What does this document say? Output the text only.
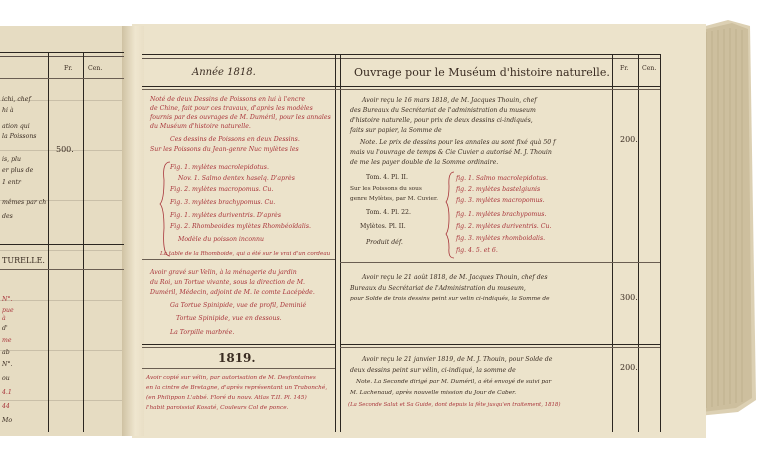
Fr. Cen.
ichi, chef
hi à
ation qui
la Poissons
is, plu
er plus de
1 entr
mêmes par ch
des
500.
TURELLE.
N°.
pue
à
d'
me
ab
N°.
ou
4.1
44
Mo
Année 1818.	Ouvrage pour le Muséum d'histoire naturelle. Fr. Cen.
Noté de deux Dessins de Poissons en lui à l'encre
de Chine, fait pour ces travaux, d'après les modèles
fournis par des ouvrages de M. Duméril, pour les annales
du Muséum d'histoire naturelle.
Ces dessins de Poissons en deux Dessins.
Sur les Poissons du Jean-genre Nuc mylètes les
Fig. 1. mylètes macrolepidotus.
Nov. 1. Salmo dentex haselq. D'après
Fig. 2. mylètes macropomus. Cu.
Fig. 3. mylètes brachypomus. Cu.
Fig. 1. mylètes duriventris. D'après
Fig. 2. Rhombeoides mylètes Rhombéoïdalis.
Modèle du poisson inconnu
La table de la Rhomboide, qui a été sur le vrai d'un cordeau
Avoir gravé sur Velin, à la ménagerie du jardin
du Roi, un Tortue vivante, sous la direction de M.
Duméril, Médecin, adjoint de M. le comte Lacépède.
Ga Tortue Spinipide, vue de profil, Deminié
Tortue Spinipide, vue en dessous.
La Torpille marbrée.
1819.
Avoir copié sur vélin, par autorisation de M. Desfontaines
en la cintre de Bretagne, d'après représentant un Trabonché,
(en Philippon L'abbé. Floré du nouv. Atlas T.II. Pl. 145)
l'habit paroissial Kosaté, Couleurs Col de ponce.
Avoir reçu le 16 mars 1818, de M. Jacques Thouin, chef
des Bureaux du Secrétariat de l'administration du museum
d'histoire naturelle, pour prix de deux dessins ci-indiqués,
faits sur papier, la Somme de
Note. Le prix de dessins pour les annales au sont fixé quà 50 f
mais vu l'ouvrage de temps & Cie Cuvier a autorisé M. J. Thouin
de me les payer double de la Somme ordinaire.
200.
Tom. 4. Pl. II.
Sur les Poissons du sous
genre Mylètes, par M. Cuvier.
Tom. 4. Pl. 22.
Mylètes. Pl. II.
Produit déf.
fig. 1. Salmo macrolepidotus.
fig. 2. mylètes bastelgiunis
fig. 3. mylètes macropomus.
fig. 1. mylètes brachypomus.
fig. 2. mylètes duriventris. Cu.
fig. 3. mylètes rhomboidalis.
fig. 4. 5. et 6.
Avoir reçu le 21 août 1818, de M. Jacques Thouin, chef des
Bureaux du Secrétariat de l'Administration du museum,
pour Solde de trois dessins peint sur velin ci-indiqués, la Somme de	300.
Avoir reçu le 21 janvier 1819, de M. J. Thouin, pour Solde de
deux dessins peint sur vélin, ci-indiqué, la somme de
Note. La Seconde dirigé par M. Duméril, a été envoyé de suivi par
M. Lachenaud, après nouvelle mission du Jour de Caber.
(La Seconde Salut et Sa Guide, dont depuis la fête jusqu'en traitement, 1818)
200.
